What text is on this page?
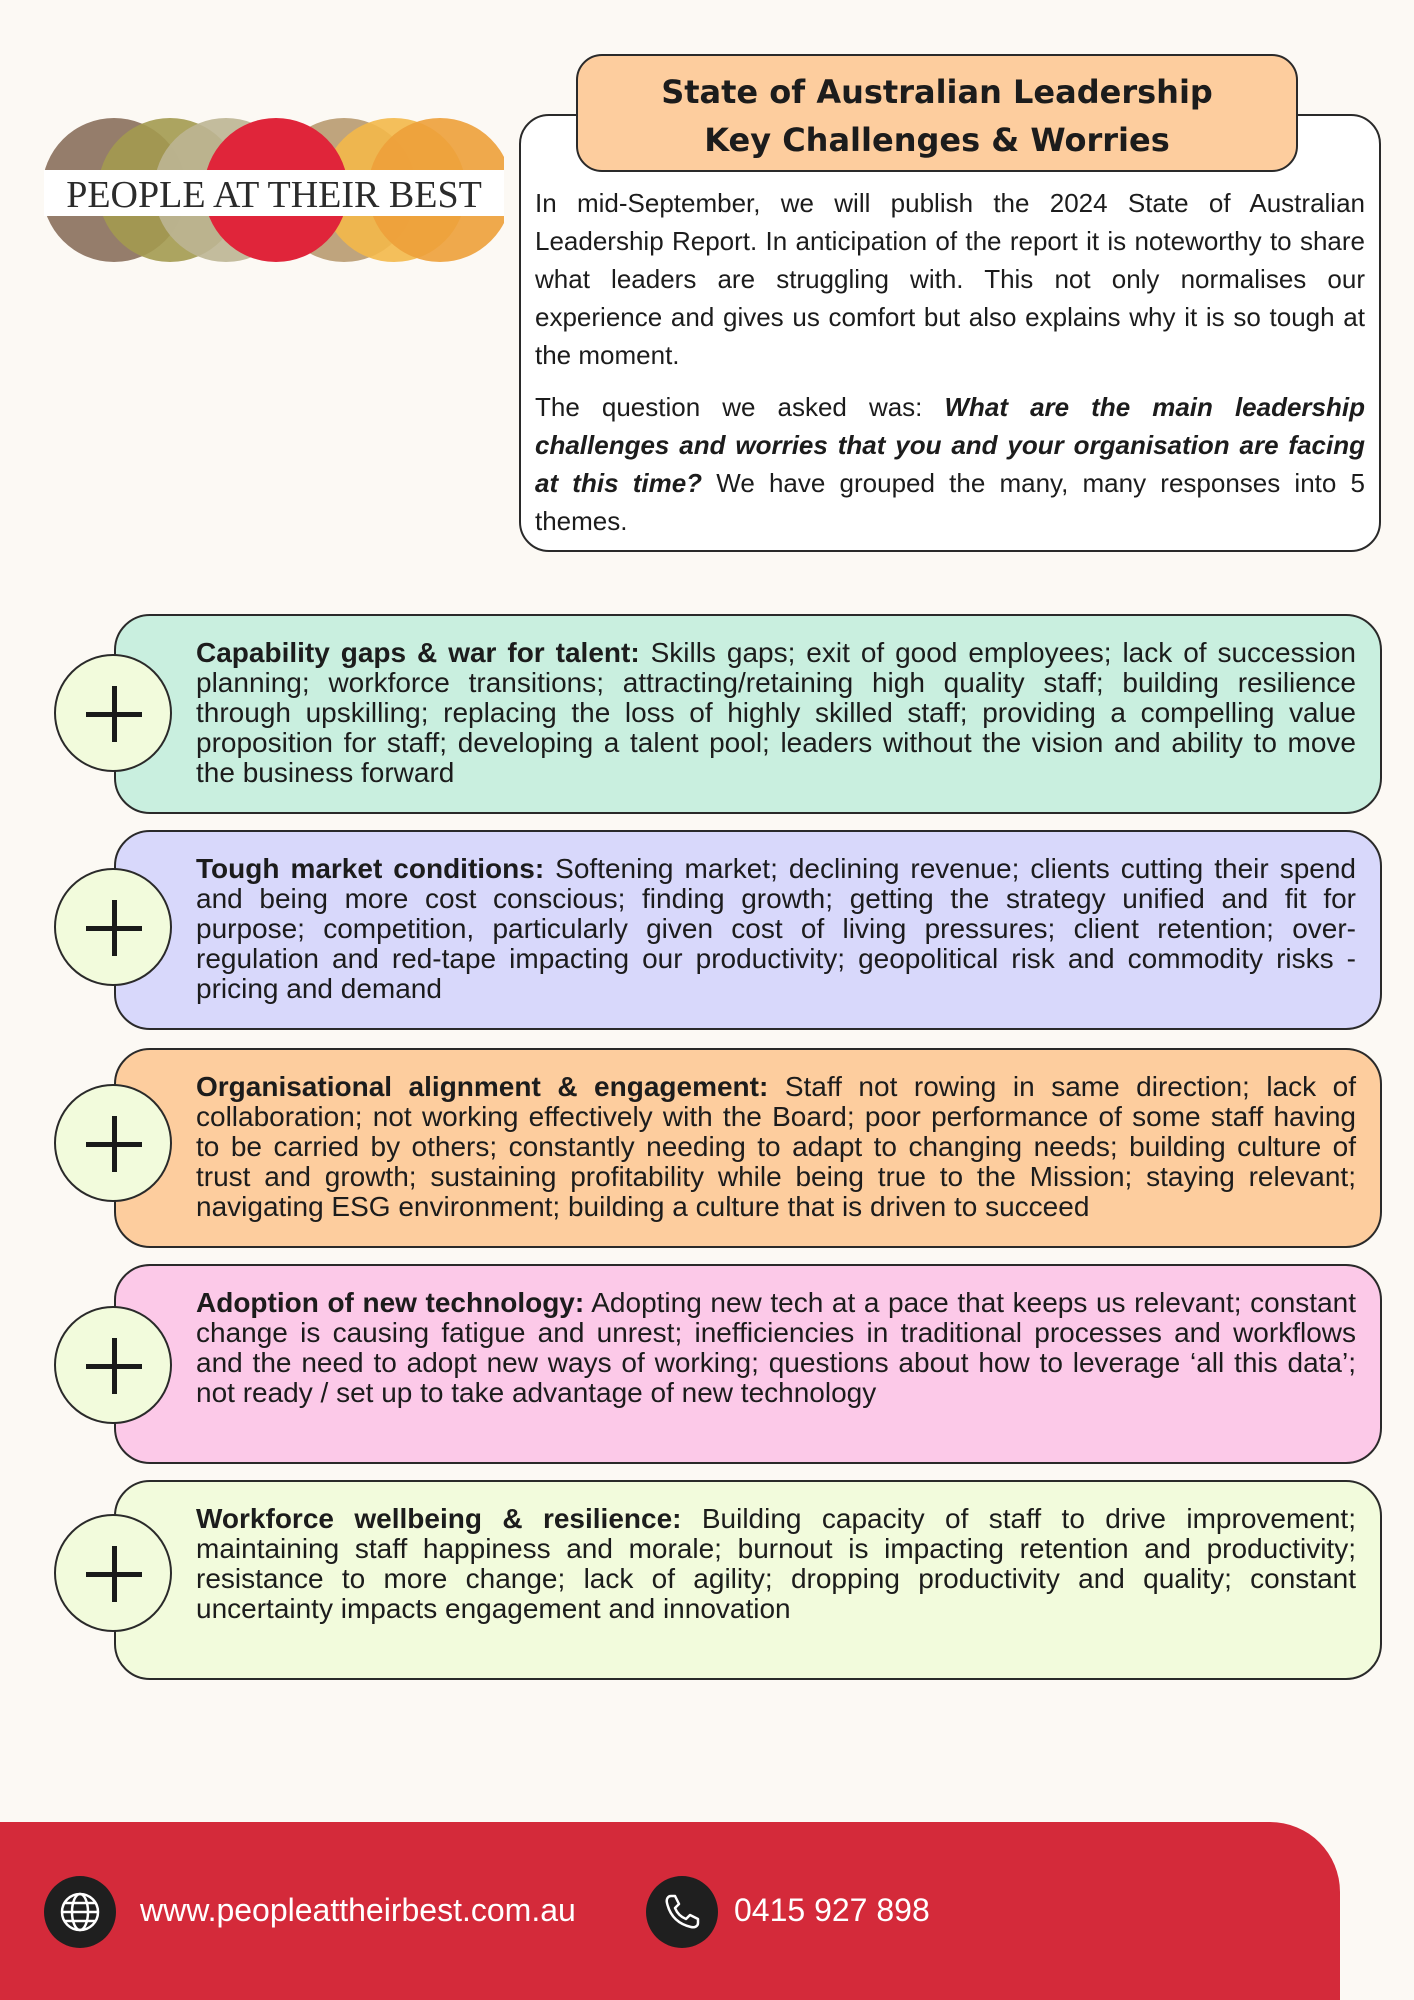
PEOPLE AT THEIR BEST In mid-September, we will publish the 2024 State of Australian Leadership Report. In anticipation of the report it is noteworthy to share what leaders are struggling with. This not only normalises our experience and gives us comfort but also explains why it is so tough at the moment.

The question we asked was: What are the main leadership challenges and worries that you and your organisation are facing at this time? We have grouped the many, many responses into 5 themes.

State of Australian Leadership
Key Challenges & Worries

Capability gaps & war for talent: Skills gaps; exit of good employees; lack of succession planning; workforce transitions; attracting/retaining high quality staff; building resilience through upskilling; replacing the loss of highly skilled staff; providing a compelling value proposition for staff; developing a talent pool; leaders without the vision and ability to move the business forward

Tough market conditions: Softening market; declining revenue; clients cutting their spend and being more cost conscious; finding growth; getting the strategy unified and fit for purpose; competition, particularly given cost of living pressures; client retention; over-regulation and red-tape impacting our productivity; geopolitical risk and commodity risks - pricing and demand

Organisational alignment & engagement: Staff not rowing in same direction; lack of collaboration; not working effectively with the Board; poor performance of some staff having to be carried by others; constantly needing to adapt to changing needs; building culture of trust and growth; sustaining profitability while being true to the Mission; staying relevant; navigating ESG environment; building a culture that is driven to succeed

Adoption of new technology: Adopting new tech at a pace that keeps us relevant; constant change is causing fatigue and unrest; inefficiencies in traditional processes and workflows and the need to adopt new ways of working; questions about how to leverage ‘all this data’; not ready / set up to take advantage of new technology

Workforce wellbeing & resilience: Building capacity of staff to drive improvement; maintaining staff happiness and morale; burnout is impacting retention and productivity; resistance to more change; lack of agility; dropping productivity and quality; constant uncertainty impacts engagement and innovation

www.peopleattheirbest.com.au	0415 927 898
